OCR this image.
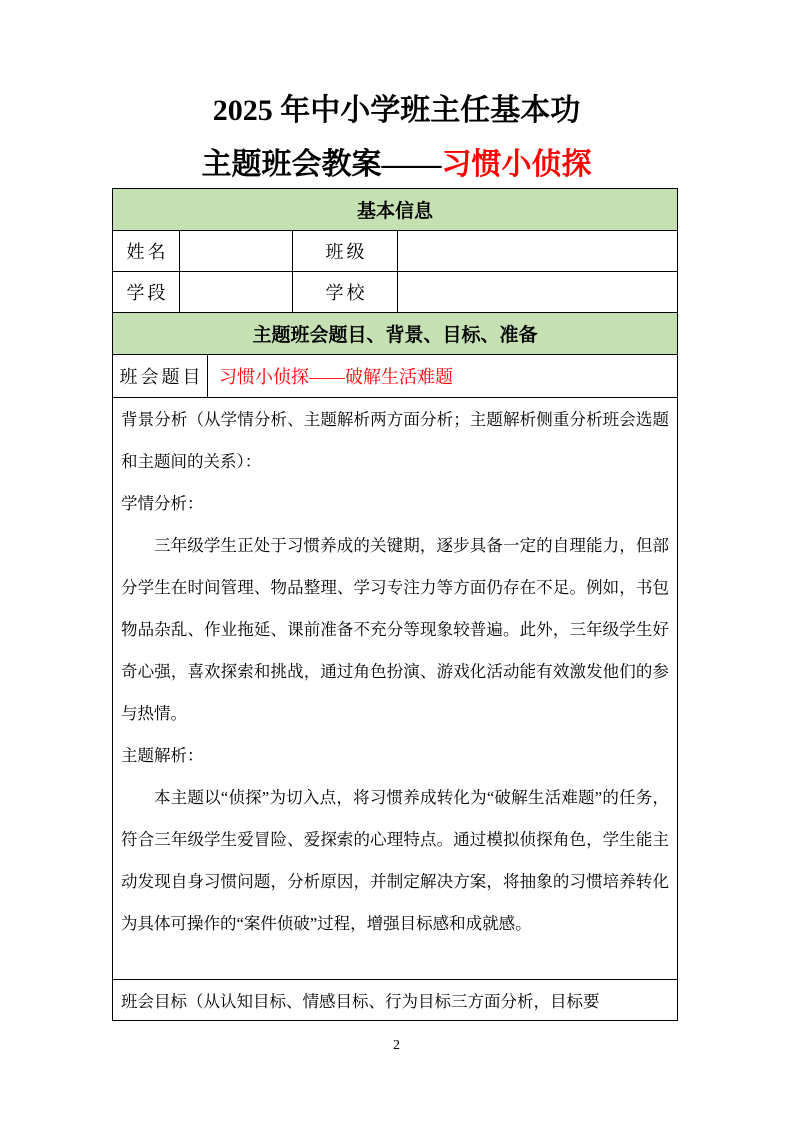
2025 年中小学班主任基本功
主题班会教案——习惯小侦探
基本信息
姓名	班级
学段	学校
主题班会题目、背景、目标、准备
班会题目 习惯小侦探——破解生活难题

背景分析（从学情分析、主题解析两方面分析；主题解析侧重分析班会选题和主题间的关系）：

学情分析：

三年级学生正处于习惯养成的关键期，逐步具备一定的自理能力，但部分学生在时间管理、物品整理、学习专注力等方面仍存在不足。例如，书包物品杂乱、作业拖延、课前准备不充分等现象较普遍。此外，三年级学生好奇心强，喜欢探索和挑战，通过角色扮演、游戏化活动能有效激发他们的参与热情。

主题解析：

本主题以“侦探”为切入点，将习惯养成转化为“破解生活难题”的任务，符合三年级学生爱冒险、爱探索的心理特点。通过模拟侦探角色，学生能主动发现自身习惯问题，分析原因，并制定解决方案，将抽象的习惯培养转化为具体可操作的“案件侦破”过程，增强目标感和成就感。

班会目标（从认知目标、情感目标、行为目标三方面分析，目标要
2
